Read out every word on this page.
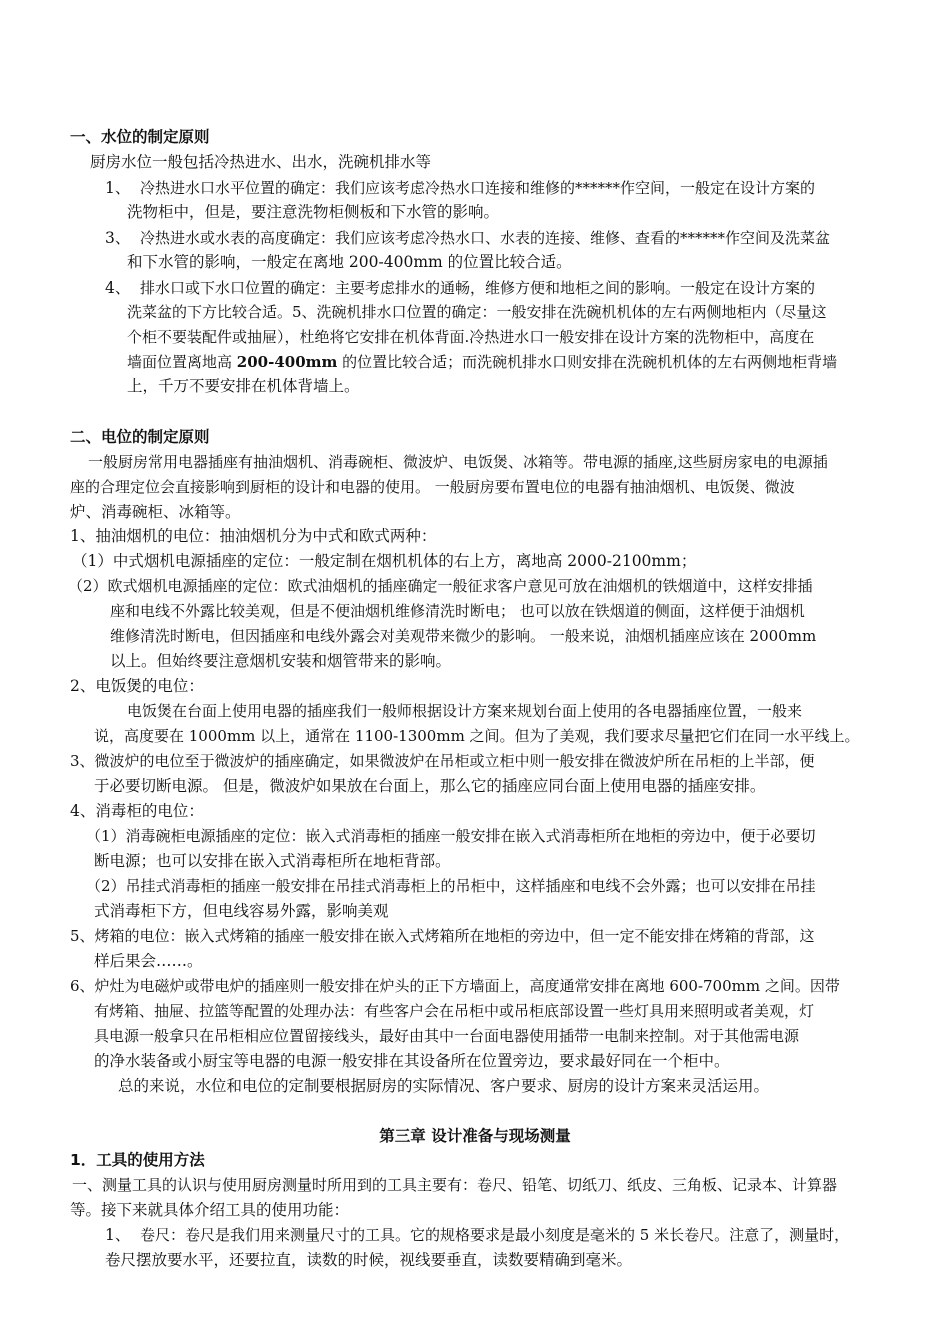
一、水位的制定原则
厨房水位一般包括冷热进水、出水，洗碗机排水等
1、 冷热进水口水平位置的确定：我们应该考虑冷热水口连接和维修的******作空间，一般定在设计方案的
洗物柜中，但是，要注意洗物柜侧板和下水管的影响。
3、 冷热进水或水表的高度确定：我们应该考虑冷热水口、水表的连接、维修、查看的******作空间及洗菜盆
和下水管的影响，一般定在离地 200-400mm 的位置比较合适。
4、 排水口或下水口位置的确定：主要考虑排水的通畅，维修方便和地柜之间的影响。一般定在设计方案的
洗菜盆的下方比较合适。5、洗碗机排水口位置的确定：一般安排在洗碗机机体的左右两侧地柜内（尽量这
个柜不要装配件或抽屉），杜绝将它安排在机体背面.冷热进水口一般安排在设计方案的洗物柜中，高度在
墙面位置离地高 200-400mm 的位置比较合适；而洗碗机排水口则安排在洗碗机机体的左右两侧地柜背墙
上，千万不要安排在机体背墙上。
二、电位的制定原则
一般厨房常用电器插座有抽油烟机、消毒碗柜、微波炉、电饭煲、冰箱等。带电源的插座,这些厨房家电的电源插
座的合理定位会直接影响到厨柜的设计和电器的使用。 一般厨房要布置电位的电器有抽油烟机、电饭煲、微波
炉、消毒碗柜、冰箱等。
1、抽油烟机的电位：抽油烟机分为中式和欧式两种：
（1）中式烟机电源插座的定位：一般定制在烟机机体的右上方，离地高 2000-2100mm；
（2）欧式烟机电源插座的定位：欧式油烟机的插座确定一般征求客户意见可放在油烟机的铁烟道中，这样安排插
座和电线不外露比较美观，但是不便油烟机维修清洗时断电； 也可以放在铁烟道的侧面，这样便于油烟机
维修清洗时断电，但因插座和电线外露会对美观带来微少的影响。 一般来说，油烟机插座应该在 2000mm
以上。但始终要注意烟机安装和烟管带来的影响。
2、电饭煲的电位：
电饭煲在台面上使用电器的插座我们一般师根据设计方案来规划台面上使用的各电器插座位置，一般来
说，高度要在 1000mm 以上，通常在 1100-1300mm 之间。但为了美观，我们要求尽量把它们在同一水平线上。
3、微波炉的电位至于微波炉的插座确定，如果微波炉在吊柜或立柜中则一般安排在微波炉所在吊柜的上半部，便
于必要切断电源。 但是，微波炉如果放在台面上，那么它的插座应同台面上使用电器的插座安排。
4、消毒柜的电位：
（1）消毒碗柜电源插座的定位：嵌入式消毒柜的插座一般安排在嵌入式消毒柜所在地柜的旁边中，便于必要切
断电源；也可以安排在嵌入式消毒柜所在地柜背部。
（2）吊挂式消毒柜的插座一般安排在吊挂式消毒柜上的吊柜中，这样插座和电线不会外露；也可以安排在吊挂
式消毒柜下方，但电线容易外露，影响美观
5、烤箱的电位：嵌入式烤箱的插座一般安排在嵌入式烤箱所在地柜的旁边中，但一定不能安排在烤箱的背部，这
样后果会……。
6、炉灶为电磁炉或带电炉的插座则一般安排在炉头的正下方墙面上，高度通常安排在离地 600-700mm 之间。因带
有烤箱、抽屉、拉篮等配置的处理办法：有些客户会在吊柜中或吊柜底部设置一些灯具用来照明或者美观，灯
具电源一般拿只在吊柜相应位置留接线头，最好由其中一台面电器使用插带一电制来控制。对于其他需电源
的净水装备或小厨宝等电器的电源一般安排在其设备所在位置旁边，要求最好同在一个柜中。
总的来说，水位和电位的定制要根据厨房的实际情况、客户要求、厨房的设计方案来灵活运用。
第三章 设计准备与现场测量
1．工具的使用方法
一、测量工具的认识与使用厨房测量时所用到的工具主要有：卷尺、铅笔、切纸刀、纸皮、三角板、记录本、计算器
等。接下来就具体介绍工具的使用功能：
1、 卷尺：卷尺是我们用来测量尺寸的工具。它的规格要求是最小刻度是毫米的 5 米长卷尺。注意了，测量时，
卷尺摆放要水平，还要拉直，读数的时候，视线要垂直，读数要精确到毫米。
